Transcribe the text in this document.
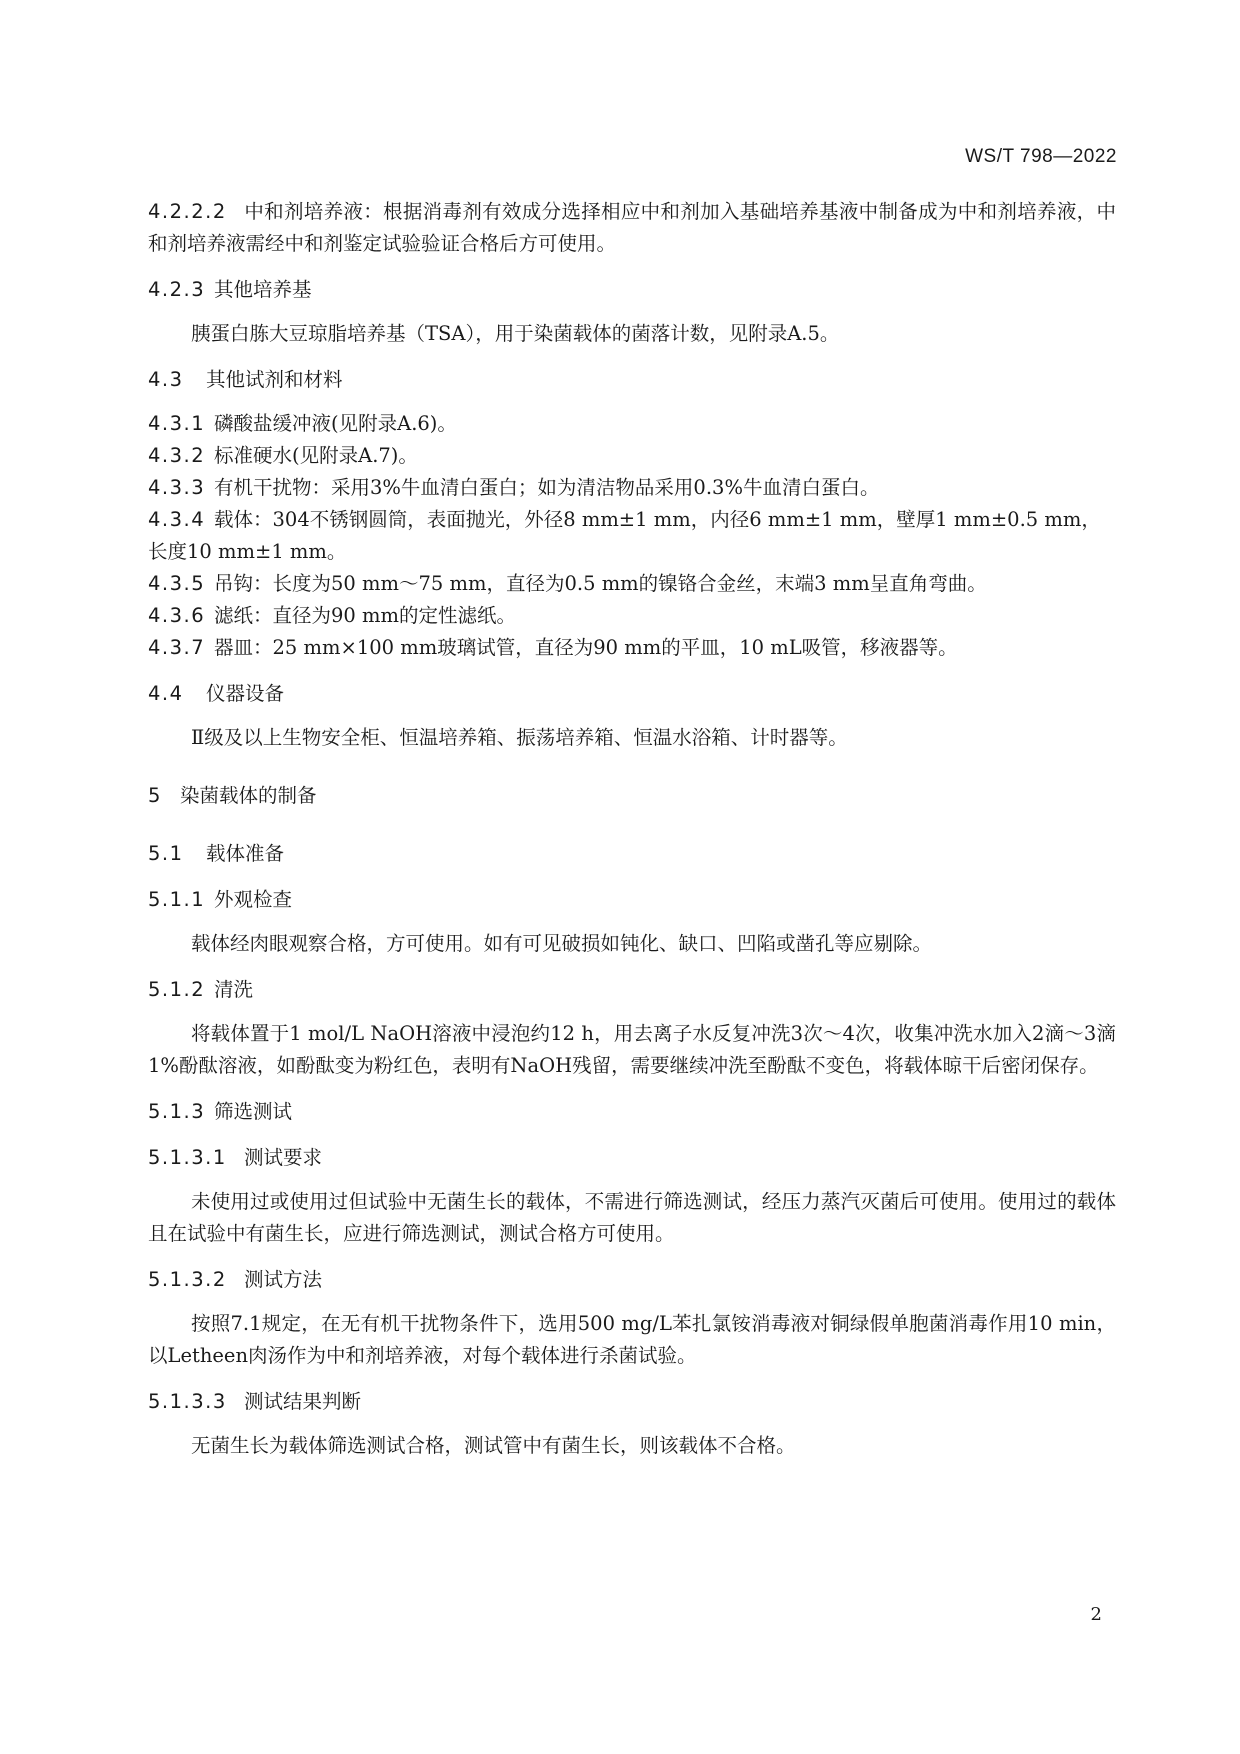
WS/T 798—2022
4.2.2.2 中和剂培养液：根据消毒剂有效成分选择相应中和剂加入基础培养基液中制备成为中和剂培养液，中和剂培养液需经中和剂鉴定试验验证合格后方可使用。
4.2.3 其他培养基
胰蛋白胨大豆琼脂培养基（TSA），用于染菌载体的菌落计数，见附录A.5。
4.3 其他试剂和材料
4.3.1 磷酸盐缓冲液(见附录A.6)。
4.3.2 标准硬水(见附录A.7)。
4.3.3 有机干扰物：采用3%牛血清白蛋白；如为清洁物品采用0.3%牛血清白蛋白。
4.3.4 载体：304不锈钢圆筒，表面抛光，外径8 mm±1 mm，内径6 mm±1 mm，壁厚1 mm±0.5 mm，
长度10 mm±1 mm。
4.3.5 吊钩：长度为50 mm～75 mm，直径为0.5 mm的镍铬合金丝，末端3 mm呈直角弯曲。
4.3.6 滤纸：直径为90 mm的定性滤纸。
4.3.7 器皿：25 mm×100 mm玻璃试管，直径为90 mm的平皿，10 mL吸管，移液器等。
4.4 仪器设备
Ⅱ级及以上生物安全柜、恒温培养箱、振荡培养箱、恒温水浴箱、计时器等。
5 染菌载体的制备
5.1 载体准备
5.1.1 外观检查
载体经肉眼观察合格，方可使用。如有可见破损如钝化、缺口、凹陷或凿孔等应剔除。
5.1.2 清洗
将载体置于1 mol/L NaOH溶液中浸泡约12 h，用去离子水反复冲洗3次～4次，收集冲洗水加入2滴～3滴1%酚酞溶液，如酚酞变为粉红色，表明有NaOH残留，需要继续冲洗至酚酞不变色，将载体晾干后密闭保存。
5.1.3 筛选测试
5.1.3.1 测试要求
未使用过或使用过但试验中无菌生长的载体，不需进行筛选测试，经压力蒸汽灭菌后可使用。使用过的载体且在试验中有菌生长，应进行筛选测试，测试合格方可使用。
5.1.3.2 测试方法
按照7.1规定，在无有机干扰物条件下，选用500 mg/L苯扎氯铵消毒液对铜绿假单胞菌消毒作用10 min，以Letheen肉汤作为中和剂培养液，对每个载体进行杀菌试验。
5.1.3.3 测试结果判断
无菌生长为载体筛选测试合格，测试管中有菌生长，则该载体不合格。
2
